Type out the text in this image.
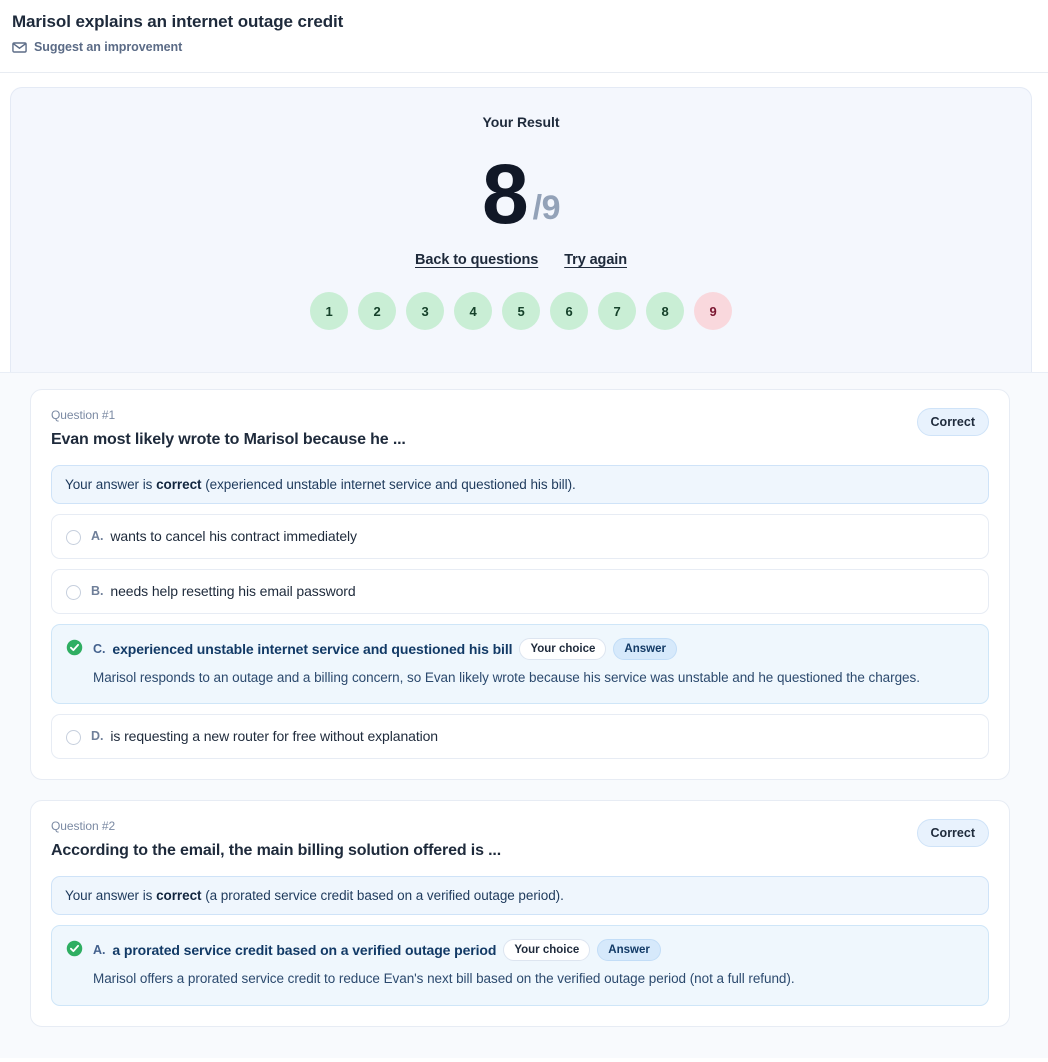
Marisol explains an internet outage credit
Suggest an improvement
Your Result
8 /9
Back to questions Try again
1	2	3	4	5	6	7	8	9
Question #1
Evan most likely wrote to Marisol because he ...
Correct
Your answer is correct (experienced unstable internet service and questioned his bill).
A. wants to cancel his contract immediately
B. needs help resetting his email password
C. experienced unstable internet service and questioned his bill	Your choice	Answer
Marisol responds to an outage and a billing concern, so Evan likely wrote because his service was unstable and he questioned the charges.
D. is requesting a new router for free without explanation
Question #2
According to the email, the main billing solution offered is ...
Correct
Your answer is correct (a prorated service credit based on a verified outage period).
A. a prorated service credit based on a verified outage period	Your choice	Answer
Marisol offers a prorated service credit to reduce Evan's next bill based on the verified outage period (not a full refund).
